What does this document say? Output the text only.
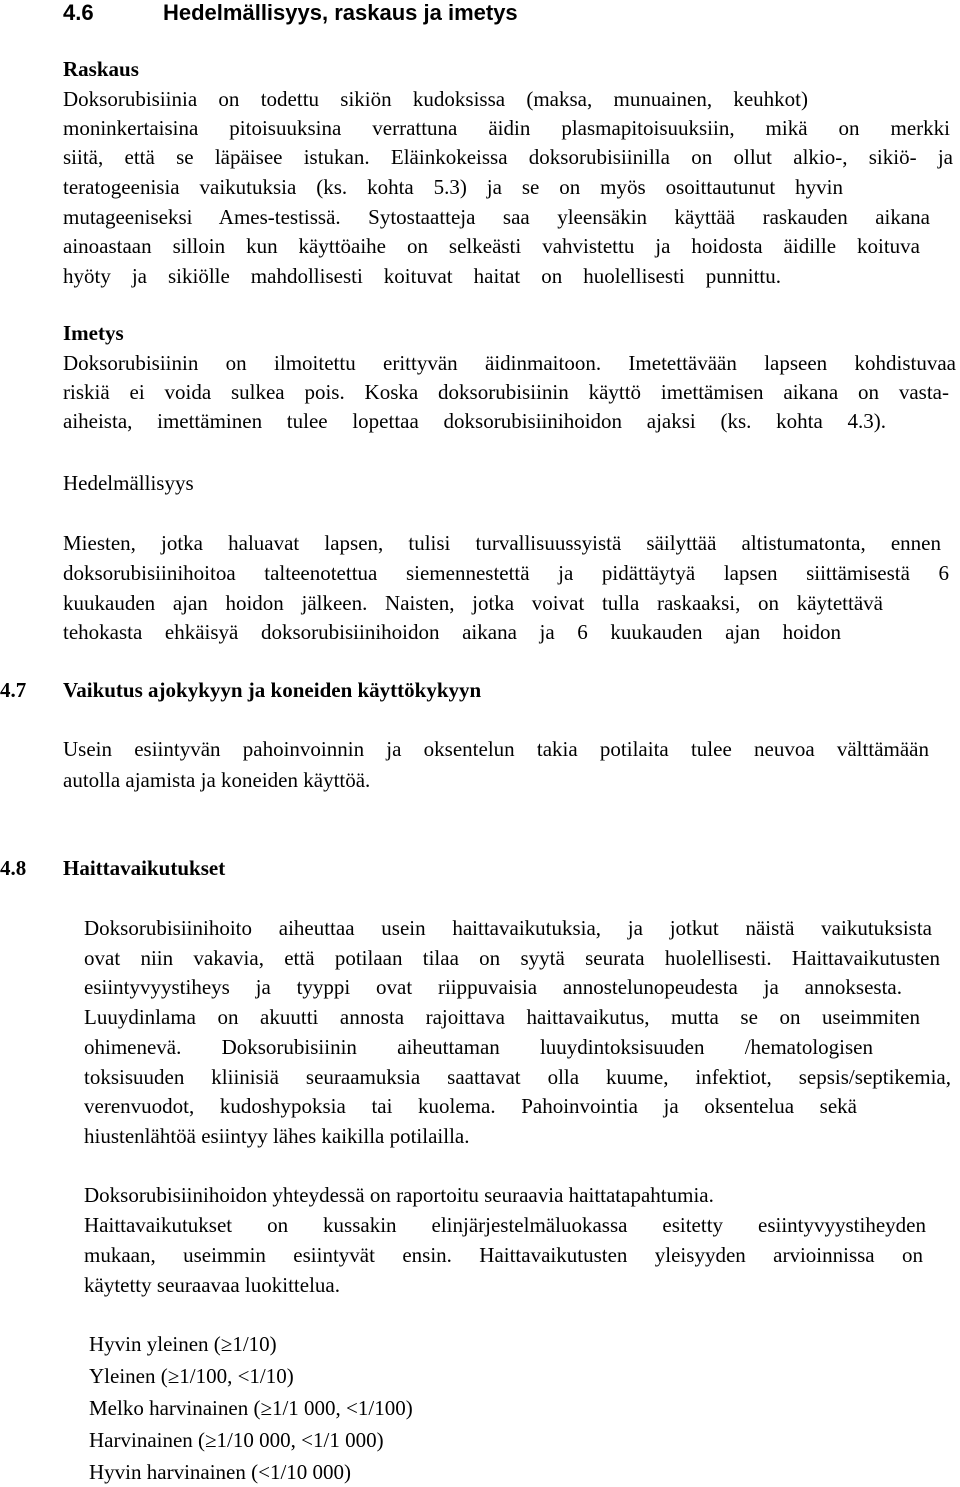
4.6	Hedelmällisyys, raskaus ja imetys
Raskaus
Doksorubisiinia on todettu sikiön kudoksissa (maksa, munuainen, keuhkot)
moninkertaisina pitoisuuksina verrattuna äidin plasmapitoisuuksiin, mikä on merkki
siitä, että se läpäisee istukan. Eläinkokeissa doksorubisiinilla on ollut alkio-, sikiö- ja
teratogeenisia vaikutuksia (ks. kohta 5.3) ja se on myös osoittautunut hyvin
mutageeniseksi Ames-testissä. Sytostaatteja saa yleensäkin käyttää raskauden aikana
ainoastaan silloin kun käyttöaihe on selkeästi vahvistettu ja hoidosta äidille koituva
hyöty ja sikiölle mahdollisesti koituvat haitat on huolellisesti punnittu.
Imetys
Doksorubisiinin on ilmoitettu erittyvän äidinmaitoon. Imetettävään lapseen kohdistuvaa
riskiä ei voida sulkea pois. Koska doksorubisiinin käyttö imettämisen aikana on vasta-
aiheista, imettäminen tulee lopettaa doksorubisiinihoidon ajaksi (ks. kohta 4.3).
Hedelmällisyys
Miesten, jotka haluavat lapsen, tulisi turvallisuussyistä säilyttää altistumatonta, ennen
doksorubisiinihoitoa talteenotettua siemennestettä ja pidättäytyä lapsen siittämisestä 6
kuukauden ajan hoidon jälkeen. Naisten, jotka voivat tulla raskaaksi, on käytettävä
tehokasta ehkäisyä doksorubisiinihoidon aikana ja 6 kuukauden ajan hoidon
4.7 Vaikutus ajokykyyn ja koneiden käyttökykyyn
Usein esiintyvän pahoinvoinnin ja oksentelun takia potilaita tulee neuvoa välttämään
autolla ajamista ja koneiden käyttöä.
4.8 Haittavaikutukset
Doksorubisiinihoito aiheuttaa usein haittavaikutuksia, ja jotkut näistä vaikutuksista
ovat niin vakavia, että potilaan tilaa on syytä seurata huolellisesti. Haittavaikutusten
esiintyvyystiheys ja tyyppi ovat riippuvaisia annostelunopeudesta ja annoksesta.
Luuydinlama on akuutti annosta rajoittava haittavaikutus, mutta se on useimmiten
ohimenevä. Doksorubisiinin aiheuttaman luuydintoksisuuden /hematologisen
toksisuuden kliinisiä seuraamuksia saattavat olla kuume, infektiot, sepsis/septikemia,
verenvuodot, kudoshypoksia tai kuolema. Pahoinvointia ja oksentelua sekä
hiustenlähtöä esiintyy lähes kaikilla potilailla.
Doksorubisiinihoidon yhteydessä on raportoitu seuraavia haittatapahtumia.
Haittavaikutukset on kussakin elinjärjestelmäluokassa esitetty esiintyvyystiheyden
mukaan, useimmin esiintyvät ensin. Haittavaikutusten yleisyyden arvioinnissa on
käytetty seuraavaa luokittelua.
Hyvin yleinen (≥1/10)
Yleinen (≥1/100, <1/10)
Melko harvinainen (≥1/1 000, <1/100)
Harvinainen (≥1/10 000, <1/1 000)
Hyvin harvinainen (<1/10 000)
